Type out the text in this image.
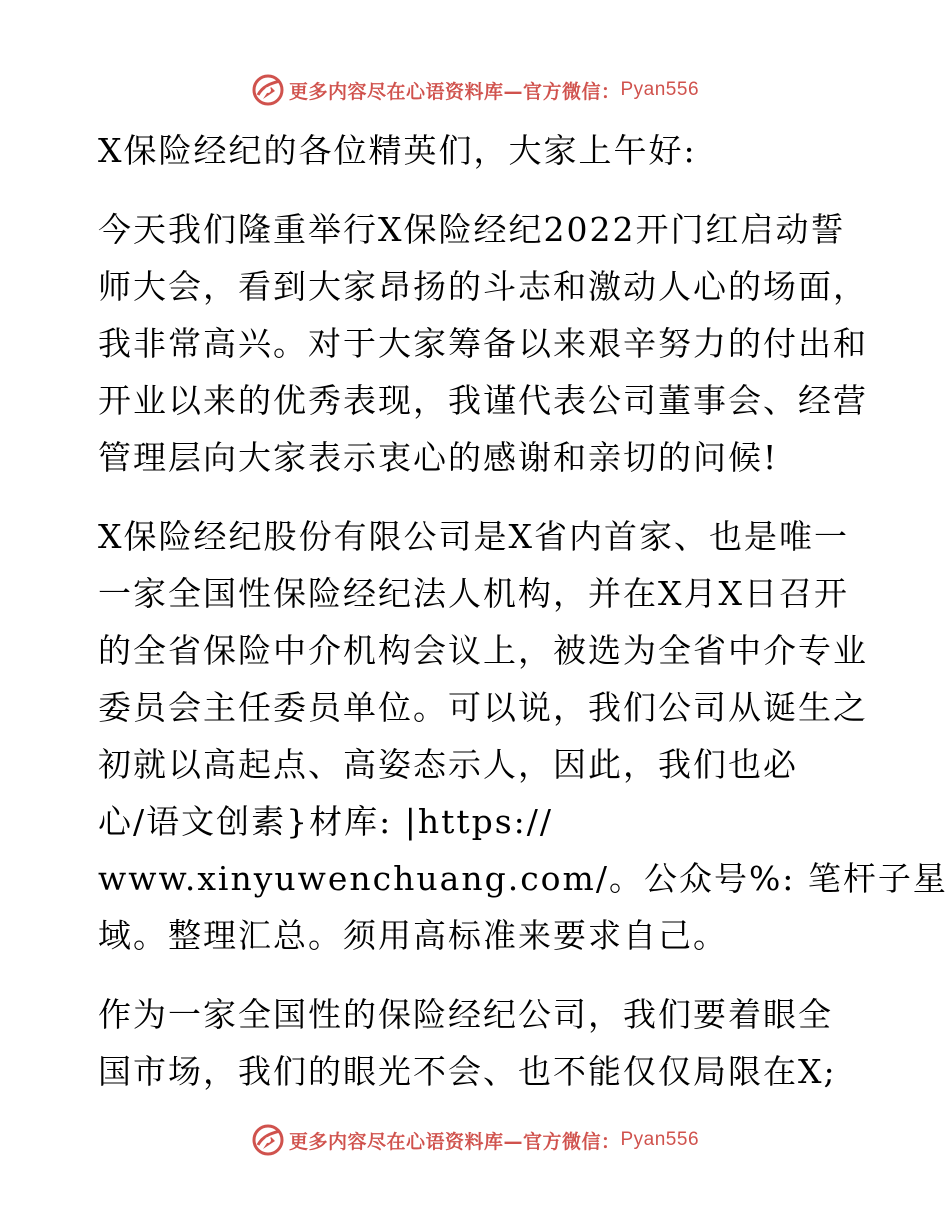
更多内容尽在心语资料库—官方微信： Pyan556

X保险经纪的各位精英们，大家上午好:

今天我们隆重举行X保险经纪2022开门红启动誓
师大会，看到大家昂扬的斗志和激动人心的场面，
我非常高兴。对于大家筹备以来艰辛努力的付出和
开业以来的优秀表现，我谨代表公司董事会、经营
管理层向大家表示衷心的感谢和亲切的问候!

X保险经纪股份有限公司是X省内首家、也是唯一
一家全国性保险经纪法人机构，并在X月X日召开
的全省保险中介机构会议上，被选为全省中介专业
委员会主任委员单位。可以说，我们公司从诞生之
初就以高起点、高姿态示人，因此，我们也必
心/语文创素}材库: |https://
www.xinyuwenchuang.com/。公众号%: 笔杆子星
域。整理汇总。须用高标准来要求自己。

作为一家全国性的保险经纪公司，我们要着眼全
国市场，我们的眼光不会、也不能仅仅局限在X;

更多内容尽在心语资料库—官方微信： Pyan556
